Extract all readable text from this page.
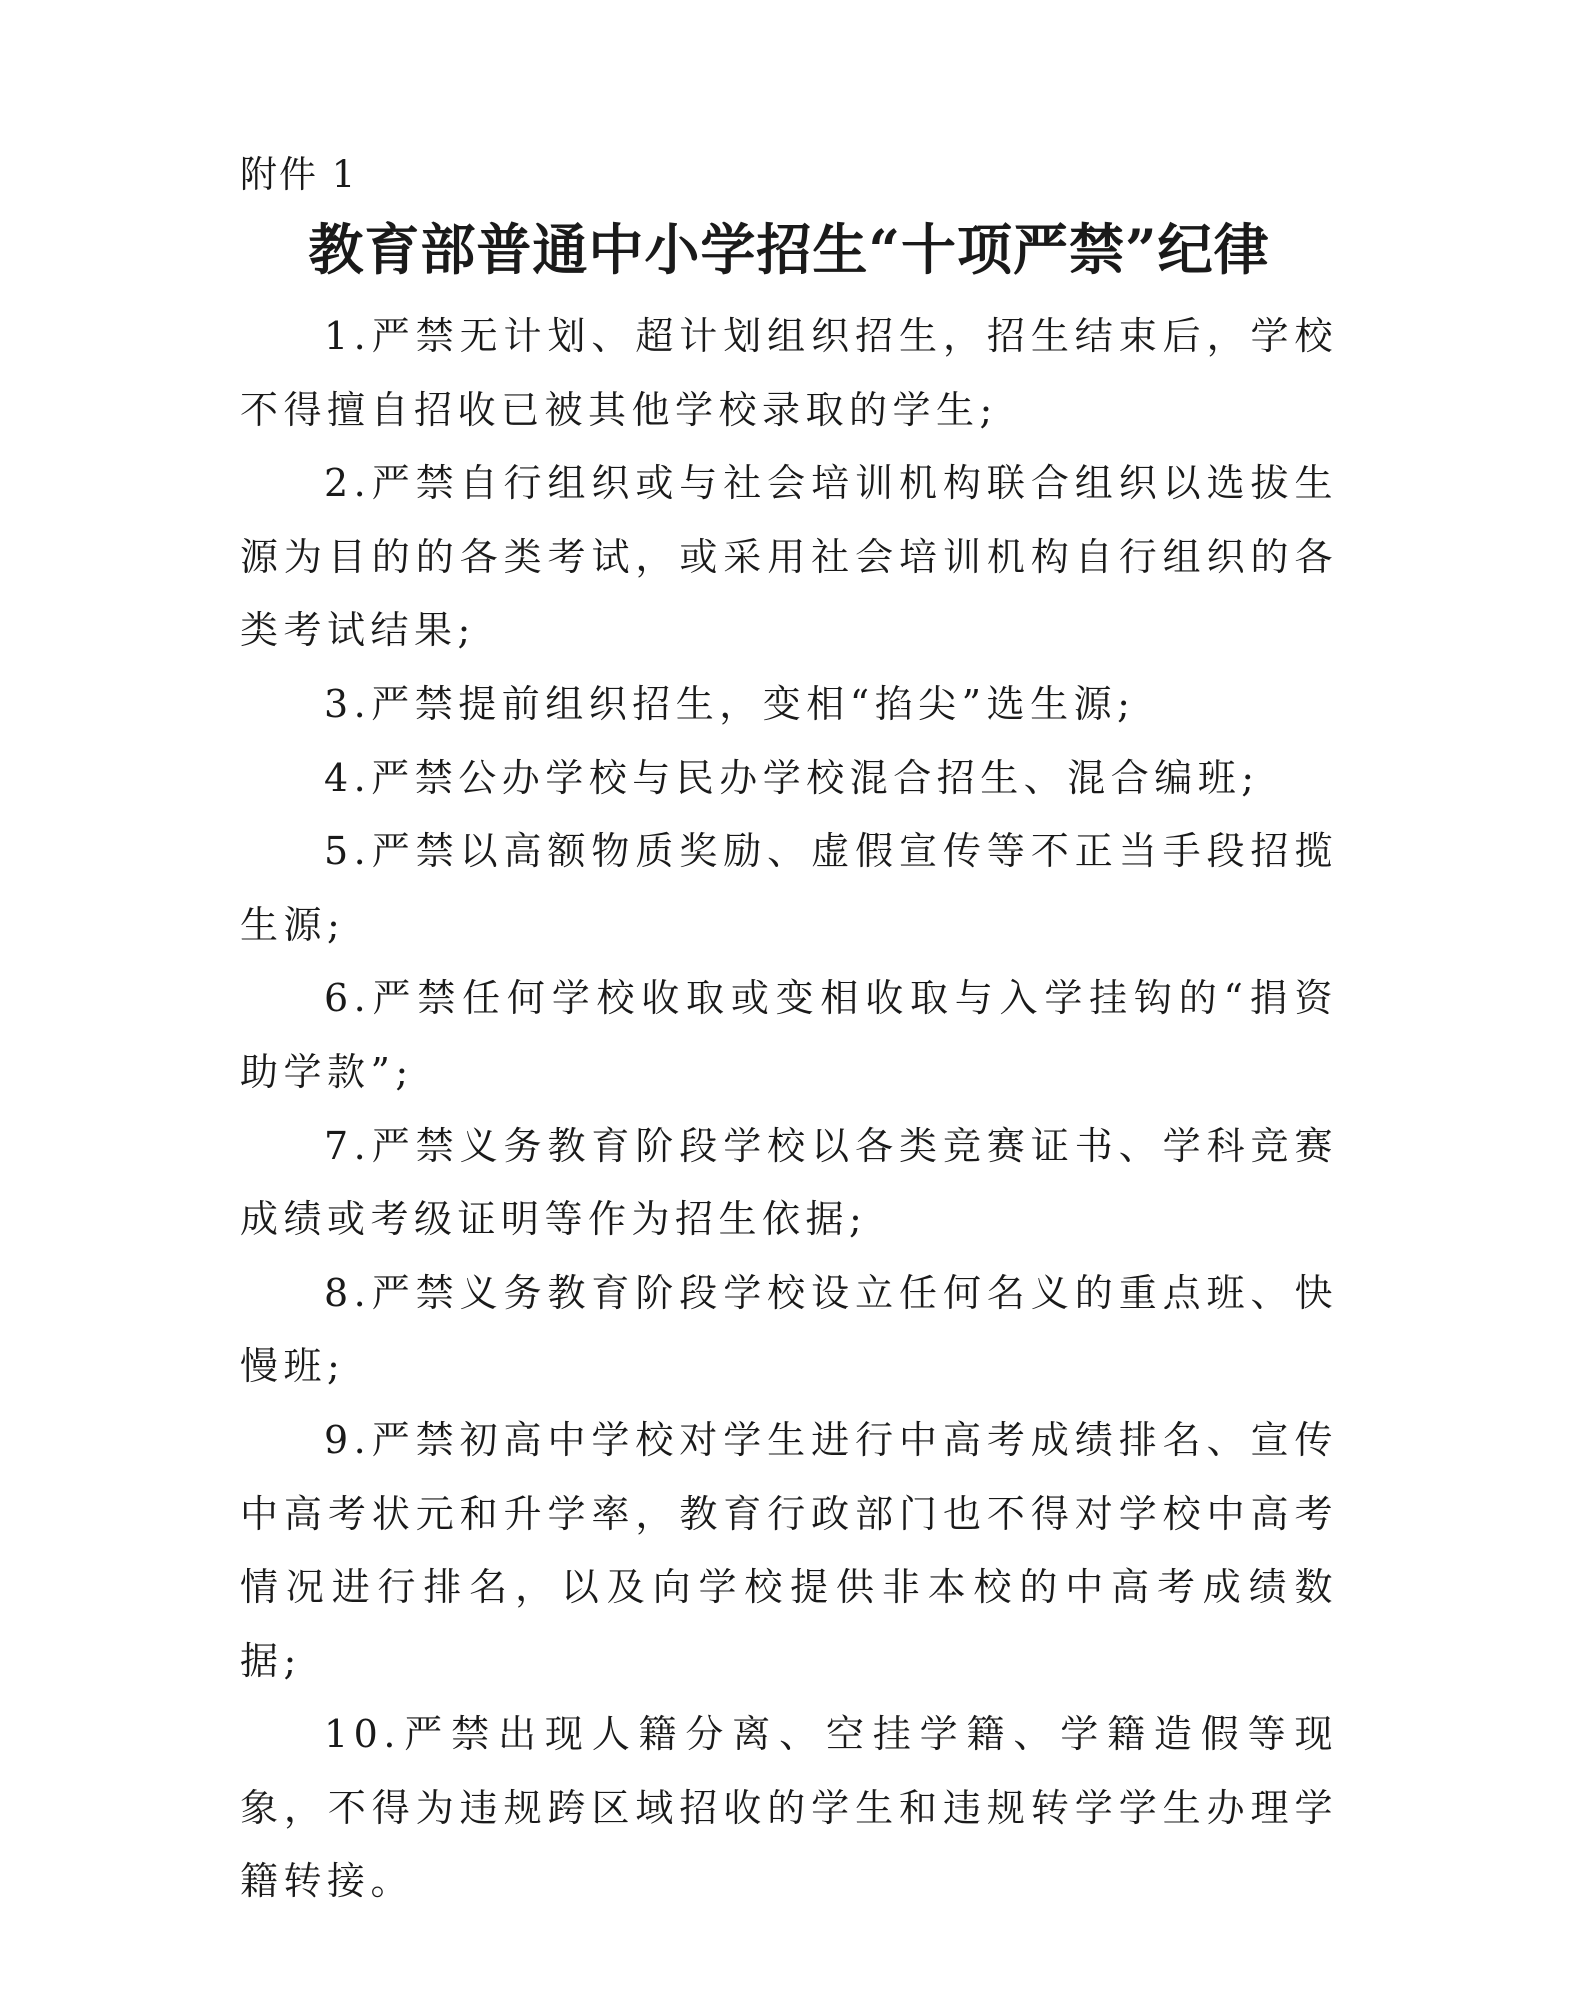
附件 1
教育部普通中小学招生“十项严禁”纪律
1.严禁无计划、超计划组织招生，招生结束后，学校不得擅自招收已被其他学校录取的学生;
2.严禁自行组织或与社会培训机构联合组织以选拔生源为目的的各类考试，或采用社会培训机构自行组织的各类考试结果;
3.严禁提前组织招生，变相“掐尖”选生源;
4.严禁公办学校与民办学校混合招生、混合编班;
5.严禁以高额物质奖励、虚假宣传等不正当手段招揽生源;
6.严禁任何学校收取或变相收取与入学挂钩的“捐资助学款”;
7.严禁义务教育阶段学校以各类竞赛证书、学科竞赛成绩或考级证明等作为招生依据;
8.严禁义务教育阶段学校设立任何名义的重点班、快慢班;
9.严禁初高中学校对学生进行中高考成绩排名、宣传中高考状元和升学率，教育行政部门也不得对学校中高考情况进行排名，以及向学校提供非本校的中高考成绩数据;
10.严禁出现人籍分离、空挂学籍、学籍造假等现象，不得为违规跨区域招收的学生和违规转学学生办理学籍转接。
